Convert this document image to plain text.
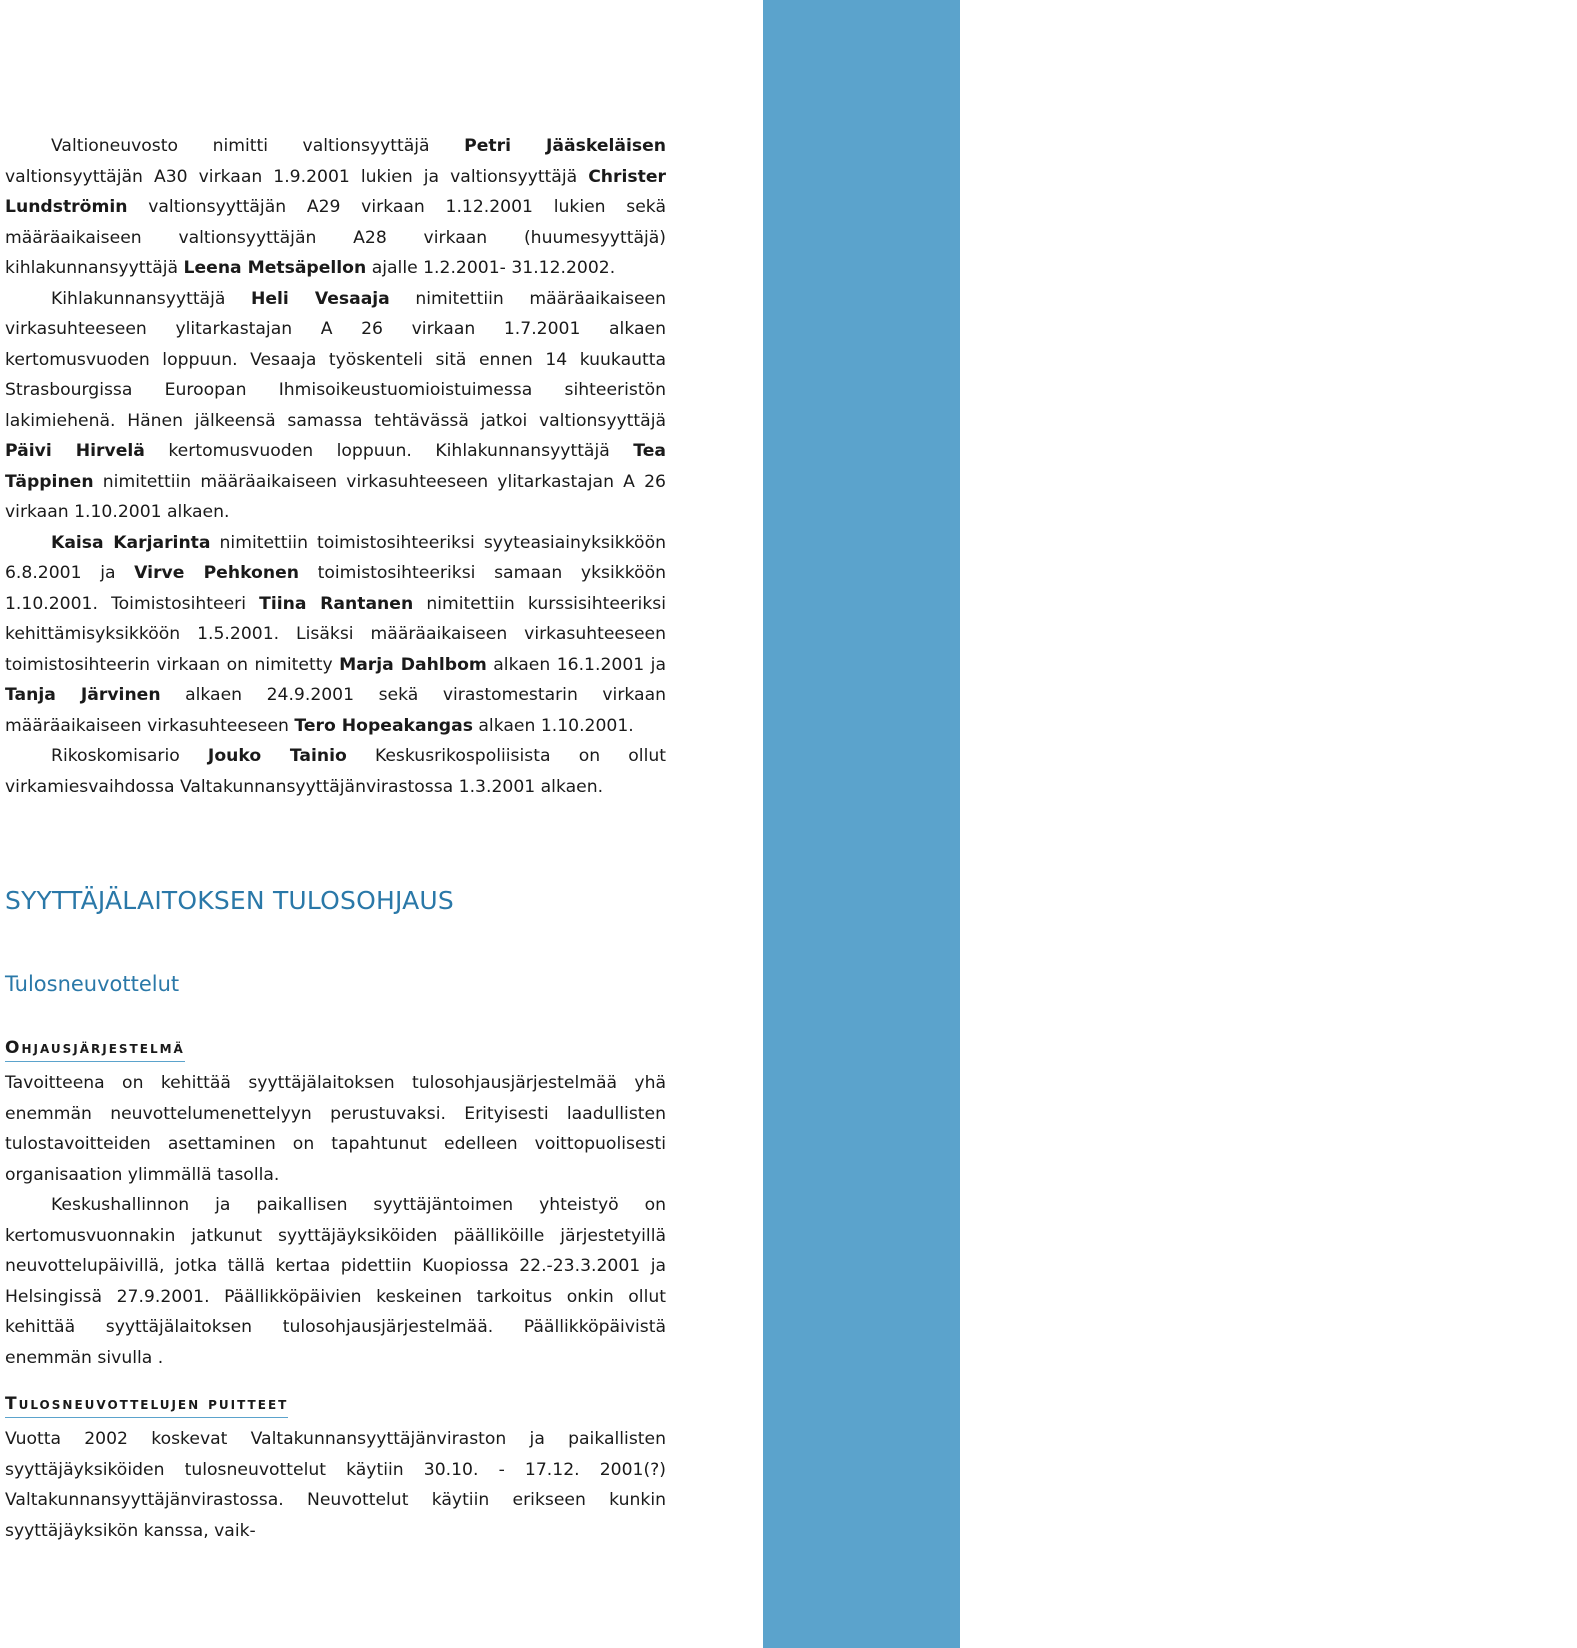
15

Valtioneuvosto nimitti valtionsyyttäjä Petri Jääskeläisen valtionsyyttäjän A30 virkaan 1.9.2001 lukien ja valtionsyyttäjä Christer Lundströmin valtionsyyttäjän A29 virkaan 1.12.2001 lukien sekä määräaikaiseen valtionsyyttäjän A28 virkaan (huumesyyttäjä) kihlakunnansyyttäjä Leena Metsäpellon ajalle 1.2.2001- 31.12.2002.

Kihlakunnansyyttäjä Heli Vesaaja nimitettiin määräaikaiseen virkasuhteeseen ylitarkastajan A 26 virkaan 1.7.2001 alkaen kertomusvuoden loppuun. Vesaaja työskenteli sitä ennen 14 kuukautta Strasbourgissa Euroopan Ihmisoikeustuomioistuimessa sihteeristön lakimiehenä. Hänen jälkeensä samassa tehtävässä jatkoi valtionsyyttäjä Päivi Hirvelä kertomusvuoden loppuun. Kihlakunnansyyttäjä Tea Täppinen nimitettiin määräaikaiseen virkasuhteeseen ylitarkastajan A 26 virkaan 1.10.2001 alkaen.

Kaisa Karjarinta nimitettiin toimistosihteeriksi syyteasiainyksikköön 6.8.2001 ja Virve Pehkonen toimistosihteeriksi samaan yksikköön 1.10.2001. Toimistosihteeri Tiina Rantanen nimitettiin kurssisihteeriksi kehittämisyksikköön 1.5.2001. Lisäksi määräaikaiseen virkasuhteeseen toimistosihteerin virkaan on nimitetty Marja Dahlbom alkaen 16.1.2001 ja Tanja Järvinen alkaen 24.9.2001 sekä virastomestarin virkaan määräaikaiseen virkasuhteeseen Tero Hopeakangas alkaen 1.10.2001.

Rikoskomisario Jouko Tainio Keskusrikospoliisista on ollut virkamiesvaihdossa Valtakunnansyyttäjänvirastossa 1.3.2001 alkaen.

SYYTTÄJÄLAITOKSEN TULOSOHJAUS
Tulosneuvottelut
Ohjausjärjestelmä

Tavoitteena on kehittää syyttäjälaitoksen tulosohjausjärjestelmää yhä enemmän neuvottelumenettelyyn perustuvaksi. Erityisesti laadullisten tulostavoitteiden asettaminen on tapahtunut edelleen voittopuolisesti organisaation ylimmällä tasolla.

Keskushallinnon ja paikallisen syyttäjäntoimen yhteistyö on kertomusvuonnakin jatkunut syyttäjäyksiköiden päälliköille järjestetyillä neuvottelupäivillä, jotka tällä kertaa pidettiin Kuopiossa 22.-23.3.2001 ja Helsingissä 27.9.2001. Päällikköpäivien keskeinen tarkoitus onkin ollut kehittää syyttäjälaitoksen tulosohjausjärjestelmää. Päällikköpäivistä enemmän sivulla .

Tulosneuvottelujen puitteet

Vuotta 2002 koskevat Valtakunnansyyttäjänviraston ja paikallisten syyttäjäyksiköiden tulosneuvottelut käytiin 30.10. - 17.12. 2001(?) Valtakunnansyyttäjänvirastossa. Neuvottelut käytiin erikseen kunkin syyttäjäyksikön kanssa, vaik-
